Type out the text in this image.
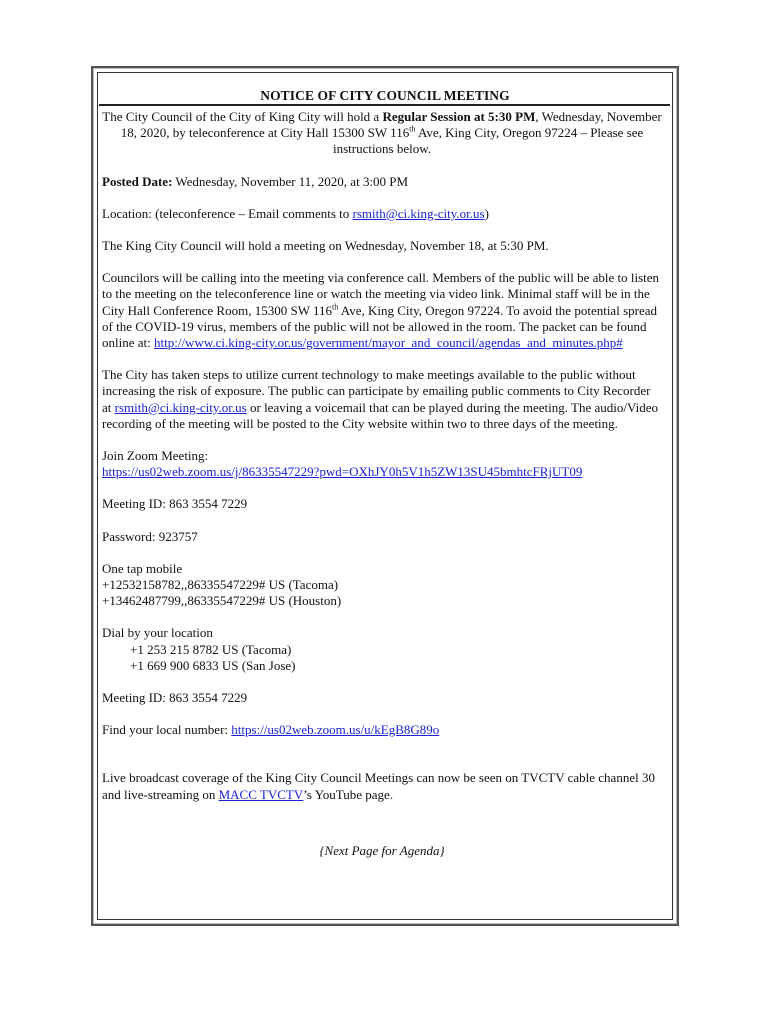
NOTICE OF CITY COUNCIL MEETING

The City Council of the City of King City will hold a Regular Session at 5:30 PM, Wednesday, November 18, 2020, by teleconference at City Hall 15300 SW 116th Ave, King City, Oregon 97224 – Please see instructions below.

Posted Date: Wednesday, November 11, 2020, at 3:00 PM

Location: (teleconference – Email comments to rsmith@ci.king-city.or.us)

The King City Council will hold a meeting on Wednesday, November 18, at 5:30 PM.

Councilors will be calling into the meeting via conference call. Members of the public will be able to listen to the meeting on the teleconference line or watch the meeting via video link. Minimal staff will be in the City Hall Conference Room, 15300 SW 116th Ave, King City, Oregon 97224. To avoid the potential spread of the COVID-19 virus, members of the public will not be allowed in the room. The packet can be found online at: http://www.ci.king-city.or.us/government/mayor_and_council/agendas_and_minutes.php#

The City has taken steps to utilize current technology to make meetings available to the public without increasing the risk of exposure. The public can participate by emailing public comments to City Recorder at rsmith@ci.king-city.or.us or leaving a voicemail that can be played during the meeting. The audio/Video recording of the meeting will be posted to the City website within two to three days of the meeting.

Join Zoom Meeting:
https://us02web.zoom.us/j/86335547229?pwd=OXhJY0h5V1h5ZW13SU45bmhtcFRjUT09

Meeting ID: 863 3554 7229

Password: 923757

One tap mobile
+12532158782,,86335547229# US (Tacoma)
+13462487799,,86335547229# US (Houston)

Dial by your location
+1 253 215 8782 US (Tacoma)
+1 669 900 6833 US (San Jose)

Meeting ID: 863 3554 7229

Find your local number: https://us02web.zoom.us/u/kEgB8G89o

Live broadcast coverage of the King City Council Meetings can now be seen on TVCTV cable channel 30 and live-streaming on MACC TVCTV’s YouTube page.

{Next Page for Agenda}
